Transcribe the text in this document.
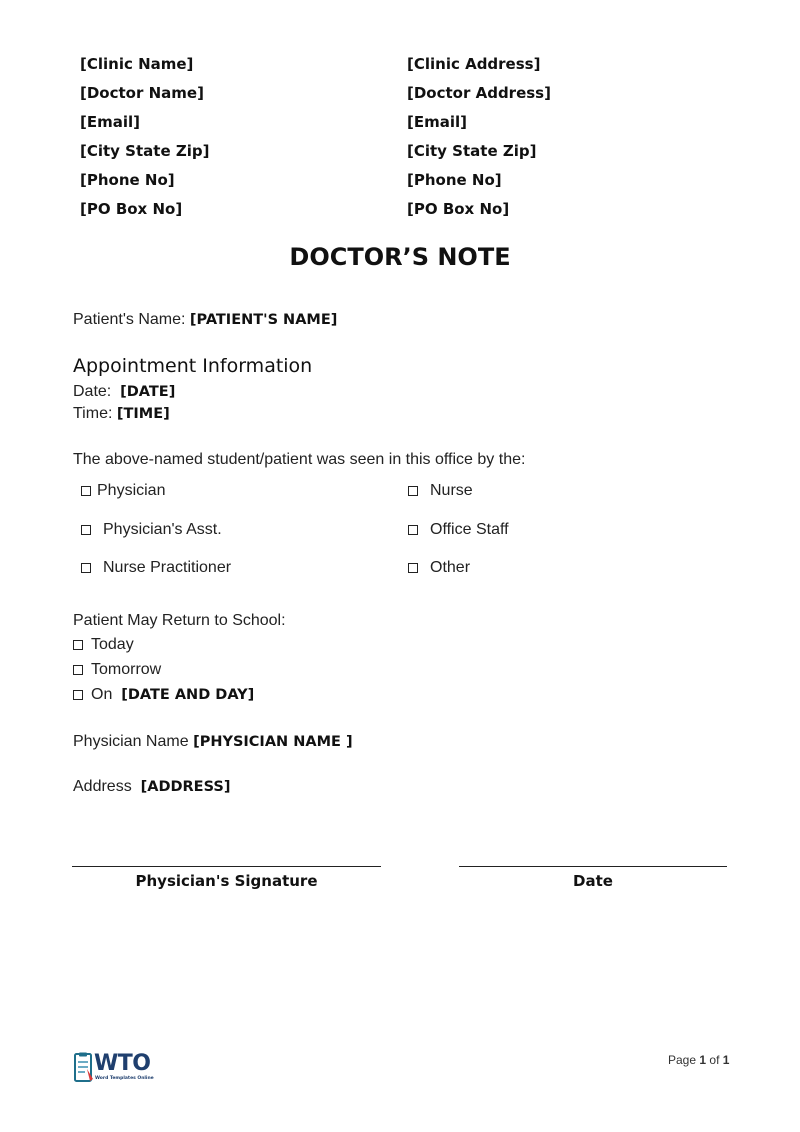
[Clinic Name]
[Doctor Name]
[Email]
[City State Zip]
[Phone No]
[PO Box No]
[Clinic Address]
[Doctor Address]
[Email]
[City State Zip]
[Phone No]
[PO Box No]
DOCTOR’S NOTE
Patient's Name: [PATIENT'S NAME]
Appointment Information
Date: [DATE]
Time: [TIME]
The above-named student/patient was seen in this office by the:
Physician
Physician's Asst.
Nurse Practitioner
Nurse
Office Staff
Other
Patient May Return to School:
Today
Tomorrow
On [DATE AND DAY]
Physician Name [PHYSICIAN NAME ]
Address [ADDRESS]
Physician's Signature	Date
WTO
Word Templates Online
Page 1 of 1
